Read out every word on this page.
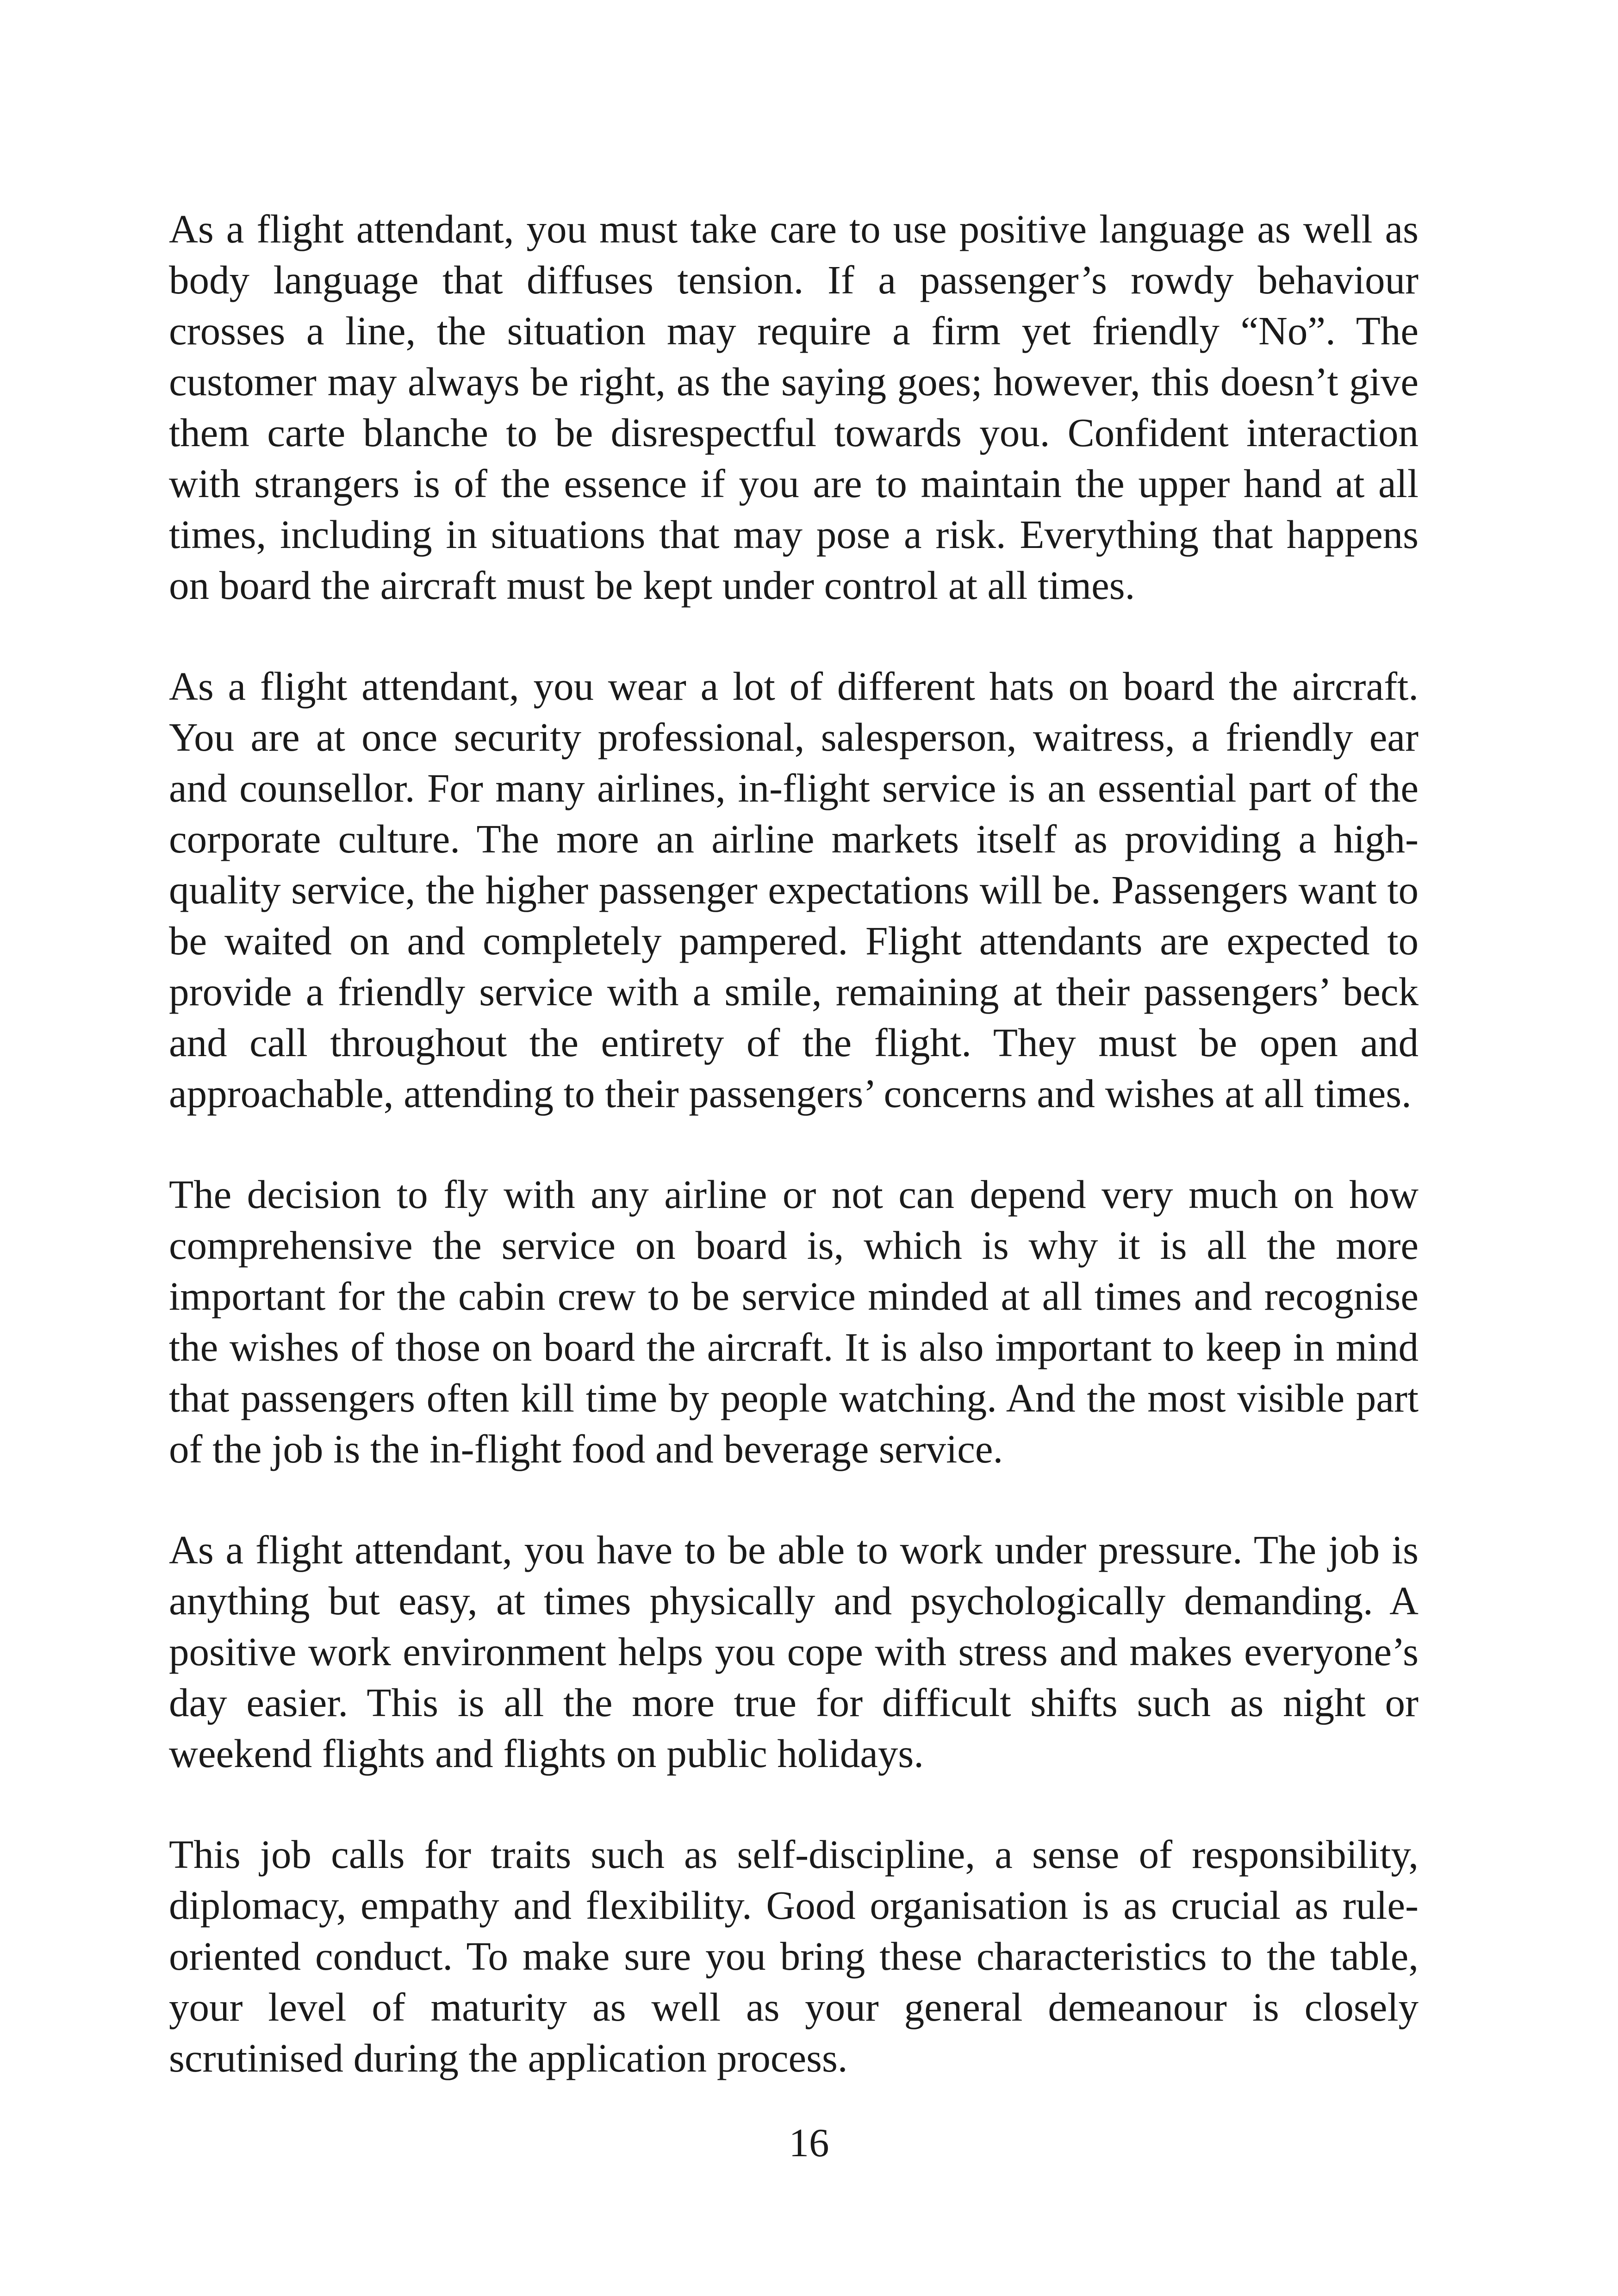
As a flight attendant, you must take care to use positive language as well as body language that diffuses tension. If a passenger’s rowdy behaviour crosses a line, the situation may require a firm yet friendly “No”. The customer may always be right, as the saying goes; however, this doesn’t give them carte blanche to be disrespectful towards you. Confident interaction with strangers is of the essence if you are to maintain the upper hand at all times, including in situations that may pose a risk. Everything that happens on board the aircraft must be kept under control at all times.

As a flight attendant, you wear a lot of different hats on board the aircraft. You are at once security professional, salesperson, waitress, a friendly ear and counsellor. For many airlines, in-flight service is an essential part of the corporate culture. The more an airline markets itself as providing a high-quality service, the higher passenger expectations will be. Passengers want to be waited on and completely pampered. Flight attendants are expected to provide a friendly service with a smile, remaining at their passengers’ beck and call throughout the entirety of the flight. They must be open and approachable, attending to their passengers’ concerns and wishes at all times.

The decision to fly with any airline or not can depend very much on how comprehensive the service on board is, which is why it is all the more important for the cabin crew to be service minded at all times and recognise the wishes of those on board the aircraft. It is also important to keep in mind that passengers often kill time by people watching. And the most visible part of the job is the in-flight food and beverage service.

As a flight attendant, you have to be able to work under pressure. The job is anything but easy, at times physically and psychologically demanding. A positive work environment helps you cope with stress and makes everyone’s day easier. This is all the more true for difficult shifts such as night or weekend flights and flights on public holidays.

This job calls for traits such as self-discipline, a sense of responsibility, diplomacy, empathy and flexibility. Good organisation is as crucial as rule-oriented conduct. To make sure you bring these characteristics to the table, your level of maturity as well as your general demeanour is closely scrutinised during the application process.

16
